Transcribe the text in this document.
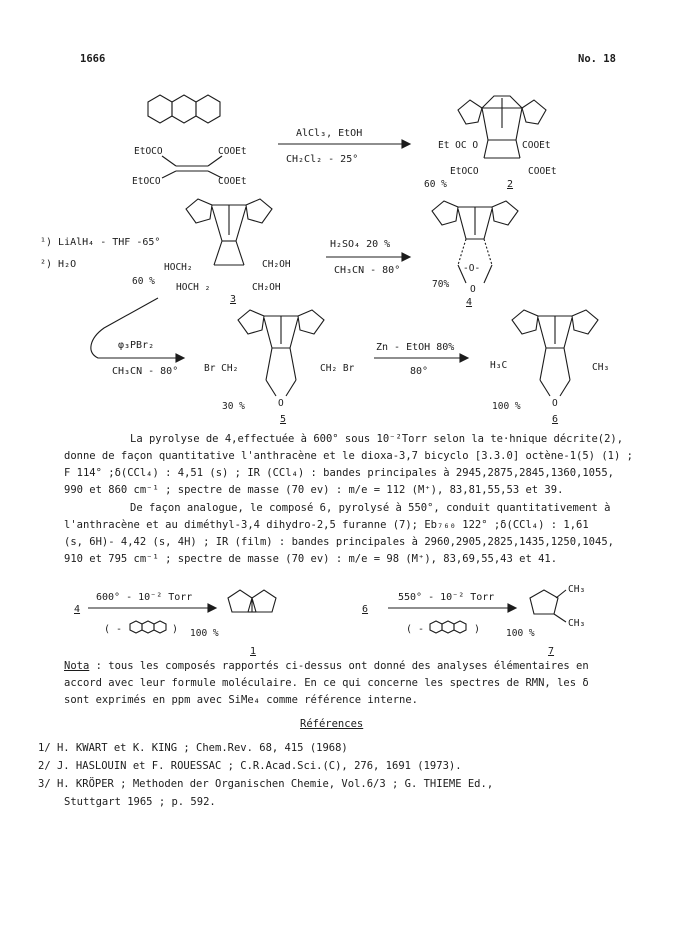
1666	No. 18
EtOCO	COOEt
EtOCO	COOEt
AlCl₃, EtOH
CH₂Cl₂ - 25°
Et OC O	COOEt
EtOCO	COOEt
60 %	2
¹) LiAlH₄ - THF -65°
²) H₂O
60 %
HOCH₂	CH₂OH
HOCH ₂	CH₂OH
3
H₂SO₄ 20 %
CH₃CN - 80°
70%
-O-
O
4
φ₃PBr₂
CH₃CN - 80°	Br CH₂	CH₂ Br
O
30 %
5
Zn - EtOH 80%
80°
H₃C	CH₃
O
100 %
6
La pyrolyse de 4,effectuée à 600° sous 10⁻²Torr selon la te·hnique décrite(2),
donne de façon quantitative l'anthracène et le dioxa-3,7 bicyclo [3.3.0] octène-1(5) (1) ;
F 114° ;δ(CCl₄) : 4,51 (s) ; IR (CCl₄) : bandes principales à 2945,2875,2845,1360,1055,
990 et 860 cm⁻¹ ; spectre de masse (70 ev) : m/e = 112 (M⁺), 83,81,55,53 et 39.
De façon analogue, le composé 6, pyrolysé à 550°, conduit quantitativement à
l'anthracène et au diméthyl-3,4 dihydro-2,5 furanne (7); Eb₇₆₀ 122° ;δ(CCl₄) : 1,61
(s, 6H)- 4,42 (s, 4H) ; IR (film) : bandes principales à 2960,2905,2825,1435,1250,1045,
910 et 795 cm⁻¹ ; spectre de masse (70 ev) : m/e = 98 (M⁺), 83,69,55,43 et 41.
4
600° - 10⁻² Torr
( -	) 100 %
1
6
550° - 10⁻² Torr
( -	)	100 %
CH₃
CH₃
7
Nota : tous les composés rapportés ci-dessus ont donné des analyses élémentaires en
accord avec leur formule moléculaire. En ce qui concerne les spectres de RMN, les δ
sont exprimés en ppm avec SiMe₄ comme référence interne.
Références
1/ H. KWART et K. KING ; Chem.Rev. 68, 415 (1968)
2/ J. HASLOUIN et F. ROUESSAC ; C.R.Acad.Sci.(C), 276, 1691 (1973).
3/ H. KRÖPER ; Methoden der Organischen Chemie, Vol.6/3 ; G. THIEME Ed.,
Stuttgart 1965 ; p. 592.
